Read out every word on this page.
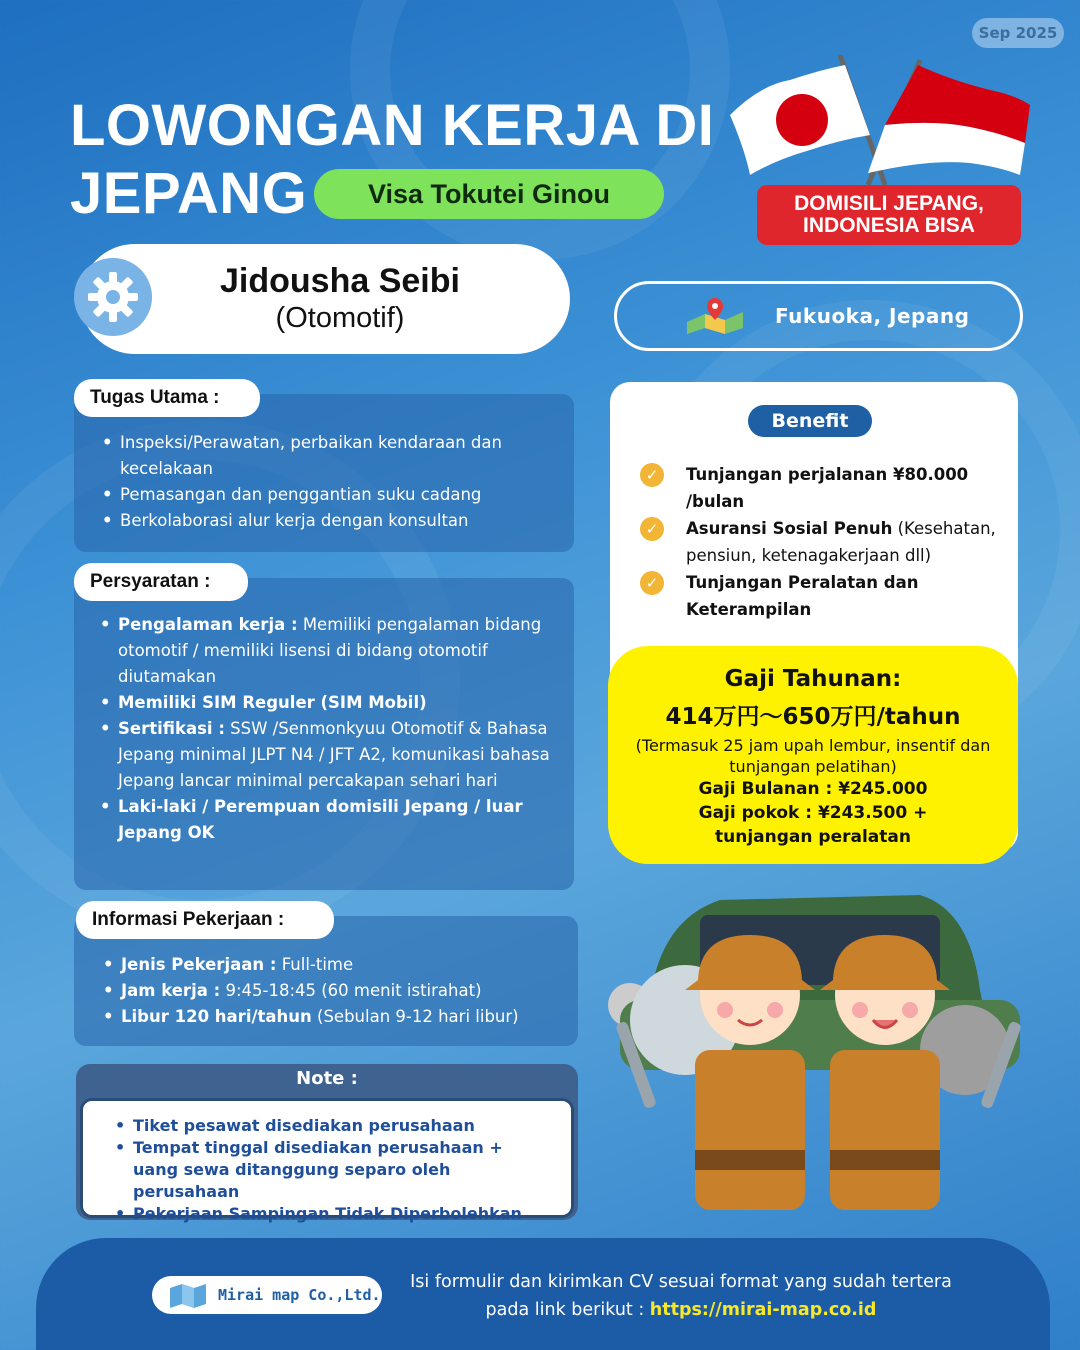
Sep 2025
LOWONGAN KERJA DI
JEPANG	Visa Tokutei Ginou	DOMISILI JEPANG,
INDONESIA BISA
Jidousha Seibi
(Otomotif)	Fukuoka, Jepang
Tugas Utama :
• Inspeksi/Perawatan, perbaikan kendaraan dan kecelakaan
• Pemasangan dan penggantian suku cadang
• Berkolaborasi alur kerja dengan konsultan
Persyaratan :
• Pengalaman kerja : Memiliki pengalaman bidang otomotif / memiliki lisensi di bidang otomotif diutamakan
• Memiliki SIM Reguler (SIM Mobil)
• Sertifikasi : SSW /Senmonkyuu Otomotif & Bahasa Jepang minimal JLPT N4 / JFT A2, komunikasi bahasa Jepang lancar minimal percakapan sehari hari
• Laki-laki / Perempuan domisili Jepang / luar Jepang OK
Informasi Pekerjaan :
• Jenis Pekerjaan : Full-time
• Jam kerja : 9:45-18:45 (60 menit istirahat)
• Libur 120 hari/tahun (Sebulan 9-12 hari libur)
Note :
• Tiket pesawat disediakan perusahaan
• Tempat tinggal disediakan perusahaan + uang sewa ditanggung separo oleh perusahaan
• Pekerjaan Sampingan Tidak Diperbolehkan
Benefit
✓	Tunjangan perjalanan ¥80.000 /bulan
✓	Asuransi Sosial Penuh (Kesehatan, pensiun, ketenagakerjaan dll)
✓	Tunjangan Peralatan dan Keterampilan
Gaji Tahunan:
414万円～650万円/tahun
(Termasuk 25 jam upah lembur, insentif dan tunjangan pelatihan)
Gaji Bulanan : ¥245.000
Gaji pokok : ¥243.500 + tunjangan peralatan
Mirai map Co.,Ltd.
Isi formulir dan kirimkan CV sesuai format yang sudah tertera
pada link berikut : https://mirai-map.co.id
